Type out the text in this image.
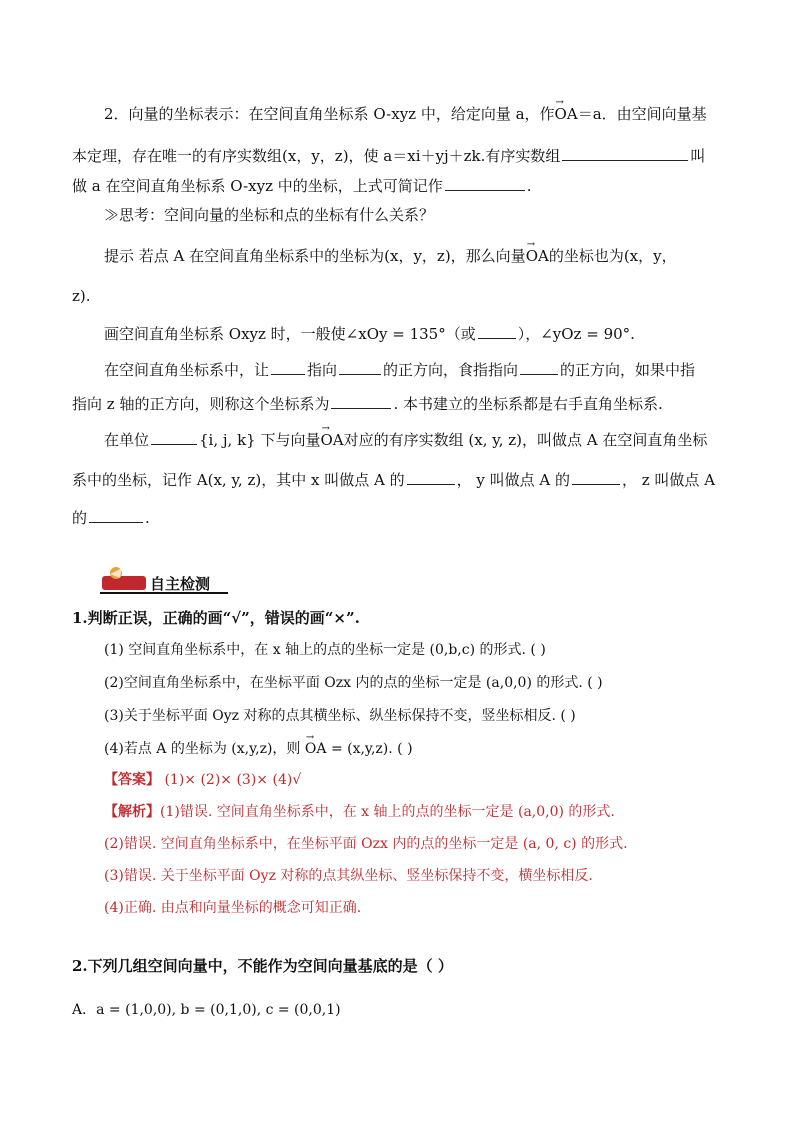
2．向量的坐标表示：在空间直角坐标系 O-xyz 中，给定向量 a，作→ OA＝a．由空间向量基
本定理，存在唯一的有序实数组(x，y，z)，使 a＝xi＋yj＋zk.有序实数组	叫
做 a 在空间直角坐标系 O-xyz 中的坐标，上式可简记作	.
≫思考：空间向量的坐标和点的坐标有什么关系？
提示 若点 A 在空间直角坐标系中的坐标为(x，y，z)，那么向量→ OA的坐标也为(x，y，
z).
画空间直角坐标系 Oxyz 时，一般使∠xOy = 135°（或	），∠yOz = 90°.
在空间直角坐标系中，让	指向	的正方向，食指指向	的正方向，如果中指
指向 z 轴的正方向，则称这个坐标系为	. 本书建立的坐标系都是右手直角坐标系.
在单位	{i, j, k} 下与向量→ OA对应的有序实数组 (x, y, z)，叫做点 A 在空间直角坐标
系中的坐标，记作 A(x, y, z)，其中 x 叫做点 A 的	， y 叫做点 A 的	， z 叫做点 A
的	.
自主检测
1.判断正误，正确的画“√”，错误的画“×”.
(1) 空间直角坐标系中，在 x 轴上的点的坐标一定是 (0,b,c) 的形式. ( )
(2)空间直角坐标系中，在坐标平面 Ozx 内的点的坐标一定是 (a,0,0) 的形式. ( )
(3)关于坐标平面 Oyz 对称的点其横坐标、纵坐标保持不变，竖坐标相反. ( )
(4)若点 A 的坐标为 (x,y,z)，则 → OA = (x,y,z). ( )
【答案】 (1)× (2)× (3)× (4)√
【解析】(1)错误. 空间直角坐标系中，在 x 轴上的点的坐标一定是 (a,0,0) 的形式.
(2)错误. 空间直角坐标系中，在坐标平面 Ozx 内的点的坐标一定是 (a, 0, c) 的形式.
(3)错误. 关于坐标平面 Oyz 对称的点其纵坐标、竖坐标保持不变，横坐标相反.
(4)正确. 由点和向量坐标的概念可知正确.
2.下列几组空间向量中，不能作为空间向量基底的是（ ）
A．a = (1,0,0), b = (0,1,0), c = (0,0,1)
